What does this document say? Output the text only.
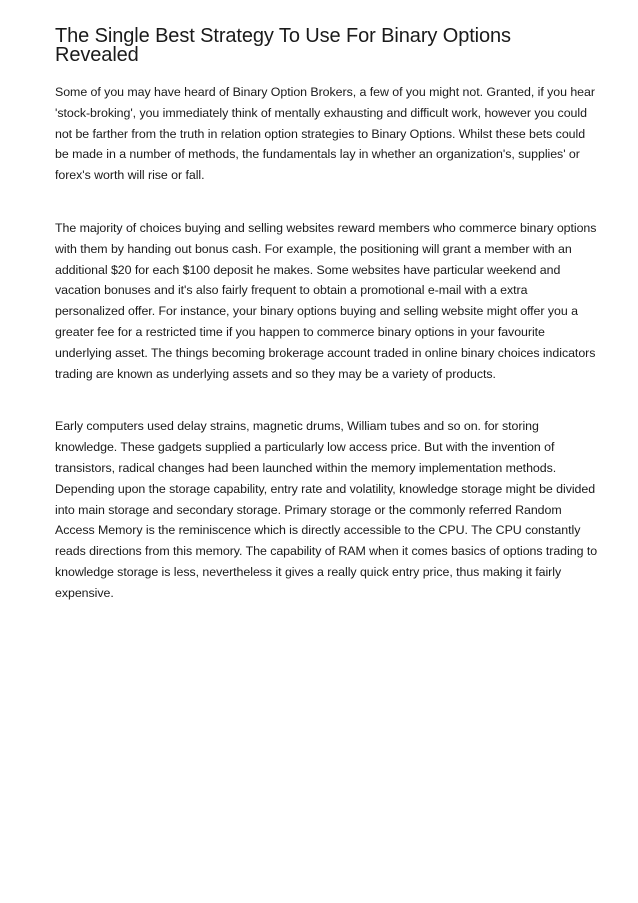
The Single Best Strategy To Use For Binary Options Revealed

Some of you may have heard of Binary Option Brokers, a few of you might not. Granted, if you hear 'stock-broking', you immediately think of mentally exhausting and difficult work, however you could not be farther from the truth in relation option strategies to Binary Options. Whilst these bets could be made in a number of methods, the fundamentals lay in whether an organization's, supplies' or forex's worth will rise or fall.

The majority of choices buying and selling websites reward members who commerce binary options with them by handing out bonus cash. For example, the positioning will grant a member with an additional $20 for each $100 deposit he makes. Some websites have particular weekend and vacation bonuses and it's also fairly frequent to obtain a promotional e-mail with a extra personalized offer. For instance, your binary options buying and selling website might offer you a greater fee for a restricted time if you happen to commerce binary options in your favourite underlying asset. The things becoming brokerage account traded in online binary choices indicators trading are known as underlying assets and so they may be a variety of products.

Early computers used delay strains, magnetic drums, William tubes and so on. for storing knowledge. These gadgets supplied a particularly low access price. But with the invention of transistors, radical changes had been launched within the memory implementation methods. Depending upon the storage capability, entry rate and volatility, knowledge storage might be divided into main storage and secondary storage. Primary storage or the commonly referred Random Access Memory is the reminiscence which is directly accessible to the CPU. The CPU constantly reads directions from this memory. The capability of RAM when it comes basics of options trading to knowledge storage is less, nevertheless it gives a really quick entry price, thus making it fairly expensive.
